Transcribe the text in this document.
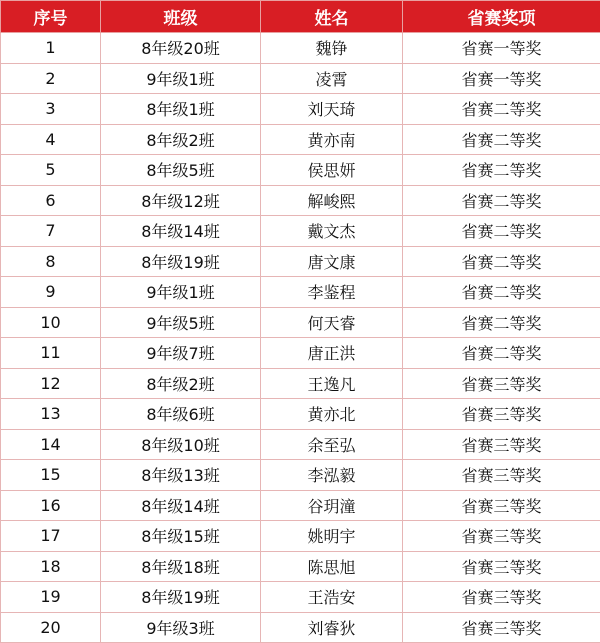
序号	班级	姓名	省赛奖项
1	8年级20班	魏铮	省赛一等奖
2	9年级1班	凌霄	省赛一等奖
3	8年级1班	刘天琦	省赛二等奖
4	8年级2班	黄亦南	省赛二等奖
5	8年级5班	侯思妍	省赛二等奖
6	8年级12班	解峻熙	省赛二等奖
7	8年级14班	戴文杰	省赛二等奖
8	8年级19班	唐文康	省赛二等奖
9	9年级1班	李鉴程	省赛二等奖
10	9年级5班	何天睿	省赛二等奖
11	9年级7班	唐正洪	省赛二等奖
12	8年级2班	王逸凡	省赛三等奖
13	8年级6班	黄亦北	省赛三等奖
14	8年级10班	余至弘	省赛三等奖
15	8年级13班	李泓毅	省赛三等奖
16	8年级14班	谷玥潼	省赛三等奖
17	8年级15班	姚明宇	省赛三等奖
18	8年级18班	陈思旭	省赛三等奖
19	8年级19班	王浩安	省赛三等奖
20	9年级3班	刘睿狄	省赛三等奖
